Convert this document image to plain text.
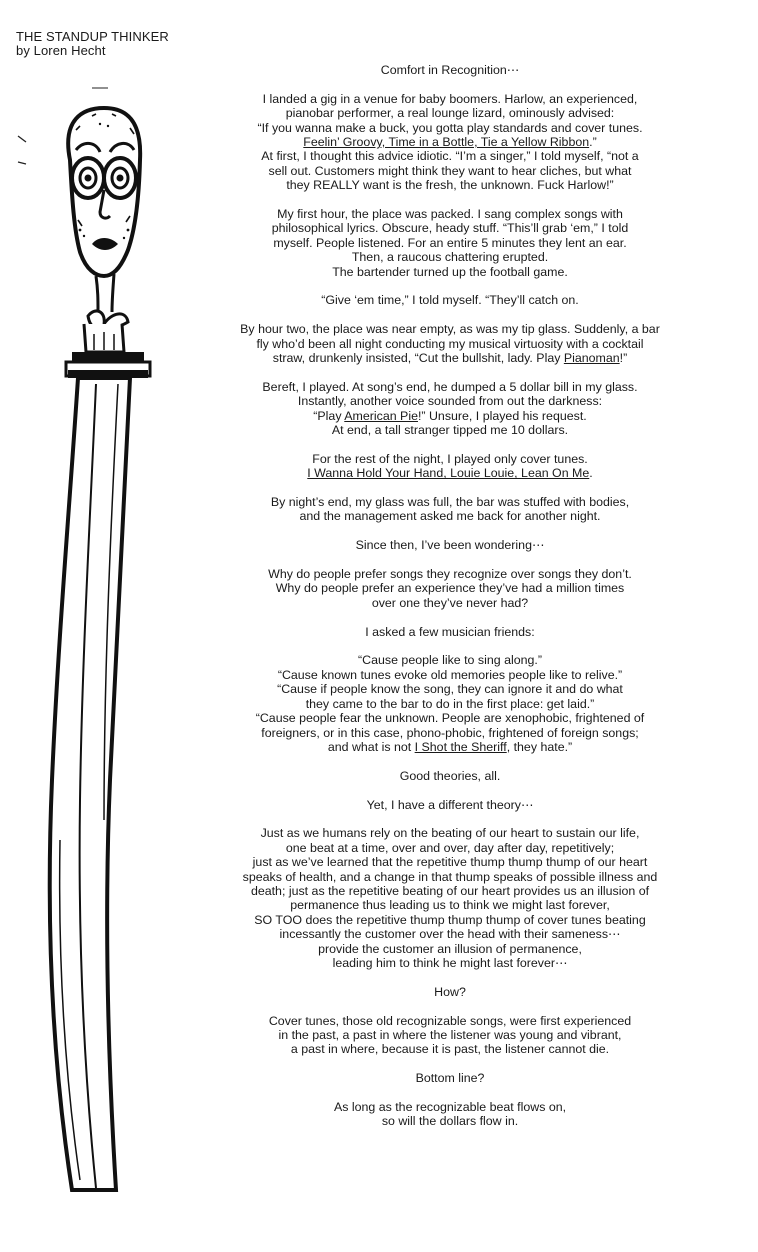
THE STANDUP THINKER
by Loren Hecht

Comfort in Recognition⋯

I landed a gig in a venue for baby boomers. Harlow, an experienced,
pianobar performer, a real lounge lizard, ominously advised:
“If you wanna make a buck, you gotta play standards and cover tunes.
Feelin’ Groovy, Time in a Bottle, Tie a Yellow Ribbon.”
At first, I thought this advice idiotic. “I’m a singer,” I told myself, “not a
sell out. Customers might think they want to hear cliches, but what
they REALLY want is the fresh, the unknown. Fuck Harlow!”

My first hour, the place was packed. I sang complex songs with
philosophical lyrics. Obscure, heady stuff. “This’ll grab ‘em,” I told
myself. People listened. For an entire 5 minutes they lent an ear.
Then, a raucous chattering erupted.
The bartender turned up the football game.

“Give ‘em time,” I told myself. “They’ll catch on.

By hour two, the place was near empty, as was my tip glass. Suddenly, a bar
fly who’d been all night conducting my musical virtuosity with a cocktail
straw, drunkenly insisted, “Cut the bullshit, lady. Play Pianoman!”

Bereft, I played. At song’s end, he dumped a 5 dollar bill in my glass.
Instantly, another voice sounded from out the darkness:
“Play American Pie!” Unsure, I played his request.
At end, a tall stranger tipped me 10 dollars.

For the rest of the night, I played only cover tunes.
I Wanna Hold Your Hand, Louie Louie, Lean On Me.

By night’s end, my glass was full, the bar was stuffed with bodies,
and the management asked me back for another night.

Since then, I’ve been wondering⋯

Why do people prefer songs they recognize over songs they don’t.
Why do people prefer an experience they’ve had a million times
over one they’ve never had?

I asked a few musician friends:

“Cause people like to sing along.”
“Cause known tunes evoke old memories people like to relive.”
“Cause if people know the song, they can ignore it and do what
they came to the bar to do in the first place: get laid.”
“Cause people fear the unknown. People are xenophobic, frightened of
foreigners, or in this case, phono-phobic, frightened of foreign songs;
and what is not I Shot the Sheriff, they hate.”

Good theories, all.

Yet, I have a different theory⋯

Just as we humans rely on the beating of our heart to sustain our life,
one beat at a time, over and over, day after day, repetitively;
just as we’ve learned that the repetitive thump thump thump of our heart
speaks of health, and a change in that thump speaks of possible illness and
death; just as the repetitive beating of our heart provides us an illusion of
permanence thus leading us to think we might last forever,
SO TOO does the repetitive thump thump thump of cover tunes beating
incessantly the customer over the head with their sameness⋯
provide the customer an illusion of permanence,
leading him to think he might last forever⋯

How?

Cover tunes, those old recognizable songs, were first experienced
in the past, a past in where the listener was young and vibrant,
a past in where, because it is past, the listener cannot die.

Bottom line?

As long as the recognizable beat flows on,
so will the dollars flow in.
